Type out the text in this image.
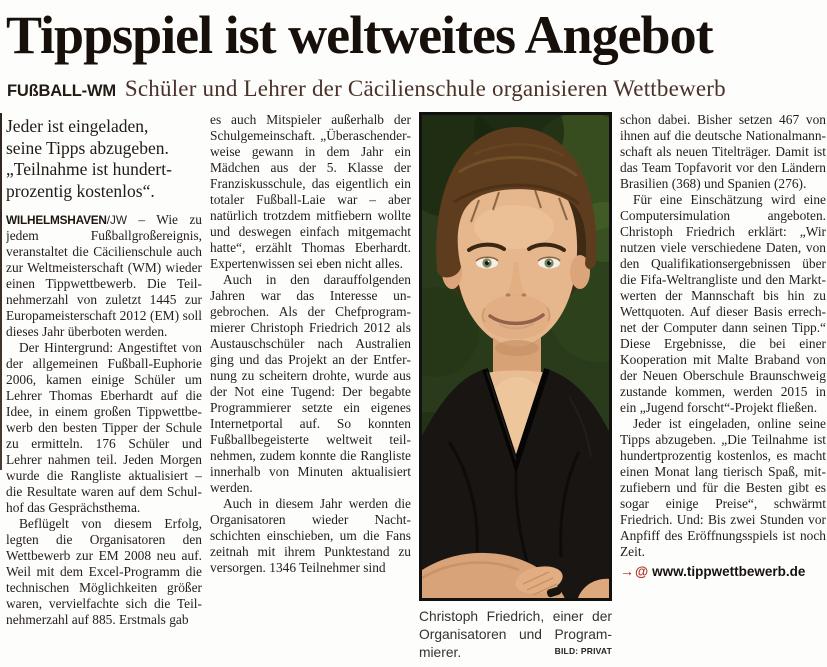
Tippspiel ist weltweites Angebot
FUßBALL-WM Schüler und Lehrer der Cäcilienschule organisieren Wettbewerb
Jeder ist eingeladen,
seine Tipps abzugeben.
„Teilnahme ist hundert-
prozentig kostenlos“.

WILHELMSHAVEN/JW – Wie zu jedem Fußballgroßereignis, veranstaltet die Cäcilienschule auch zur Weltmeisterschaft (WM) wieder einen Tippwettbewerb. Die Teilnehmerzahl von zuletzt 1445 zur Europameisterschaft 2012 (EM) soll dieses Jahr überboten werden.

Der Hintergrund: Angestiftet von der allgemeinen Fußball-Euphorie 2006, kamen einige Schüler um Lehrer Thomas Eberhardt auf die Idee, in einem großen Tippwettbewerb den besten Tipper der Schule zu ermitteln. 176 Schüler und Lehrer nahmen teil. Jeden Morgen wurde die Rangliste aktualisiert – die Resultate waren auf dem Schulhof das Gesprächsthema.

Beflügelt von diesem Erfolg, legten die Organisatoren den Wettbewerb zur EM 2008 neu auf. Weil mit dem Excel-Programm die technischen Möglichkeiten größer waren, vervielfachte sich die Teilnehmerzahl auf 885. Erstmals gab

es auch Mitspieler außerhalb der Schulgemeinschaft. „Überaschenderweise gewann in dem Jahr ein Mädchen aus der 5. Klasse der Franziskusschule, das eigentlich ein totaler Fußball-Laie war – aber natürlich trotzdem mitfiebern wollte und deswegen einfach mitgemacht hatte“, erzählt Thomas Eberhardt. Expertenwissen sei eben nicht alles.

Auch in den darauffolgenden Jahren war das Interesse ungebrochen. Als der Chefprogrammierer Christoph Friedrich 2012 als Austauschschüler nach Australien ging und das Projekt an der Entfernung zu scheitern drohte, wurde aus der Not eine Tugend: Der begabte Programmierer setzte ein eigenes Internetportal auf. So konnten Fußballbegeisterte weltweit teilnehmen, zudem konnte die Rangliste innerhalb von Minuten aktualisiert werden.

Auch in diesem Jahr werden die Organisatoren wieder Nachtschichten einschieben, um die Fans zeitnah mit ihrem Punktestand zu versorgen. 1346 Teilnehmer sind

Christoph Friedrich, einer der Organisatoren und Programmierer.	BILD: PRIVAT

schon dabei. Bisher setzen 467 von ihnen auf die deutsche Nationalmannschaft als neuen Titelträger. Damit ist das Team Topfavorit vor den Ländern Brasilien (368) und Spanien (276).

Für eine Einschätzung wird eine Computersimulation angeboten. Christoph Friedrich erklärt: „Wir nutzen viele verschiedene Daten, von den Qualifikationsergebnissen über die Fifa-Weltrangliste und den Marktwerten der Mannschaft bis hin zu Wettquoten. Auf dieser Basis errechnet der Computer dann seinen Tipp.“ Diese Ergebnisse, die bei einer Kooperation mit Malte Braband von der Neuen Oberschule Braunschweig zustande kommen, werden 2015 in ein „Jugend forscht“-Projekt fließen.

Jeder ist eingeladen, online seine Tipps abzugeben. „Die Teilnahme ist hundertprozentig kostenlos, es macht einen Monat lang tierisch Spaß, mitzufiebern und für die Besten gibt es sogar einige Preise“, schwärmt Friedrich. Und: Bis zwei Stunden vor Anpfiff des Eröffnungsspiels ist noch Zeit.

→ @ www.tippwettbewerb.de
